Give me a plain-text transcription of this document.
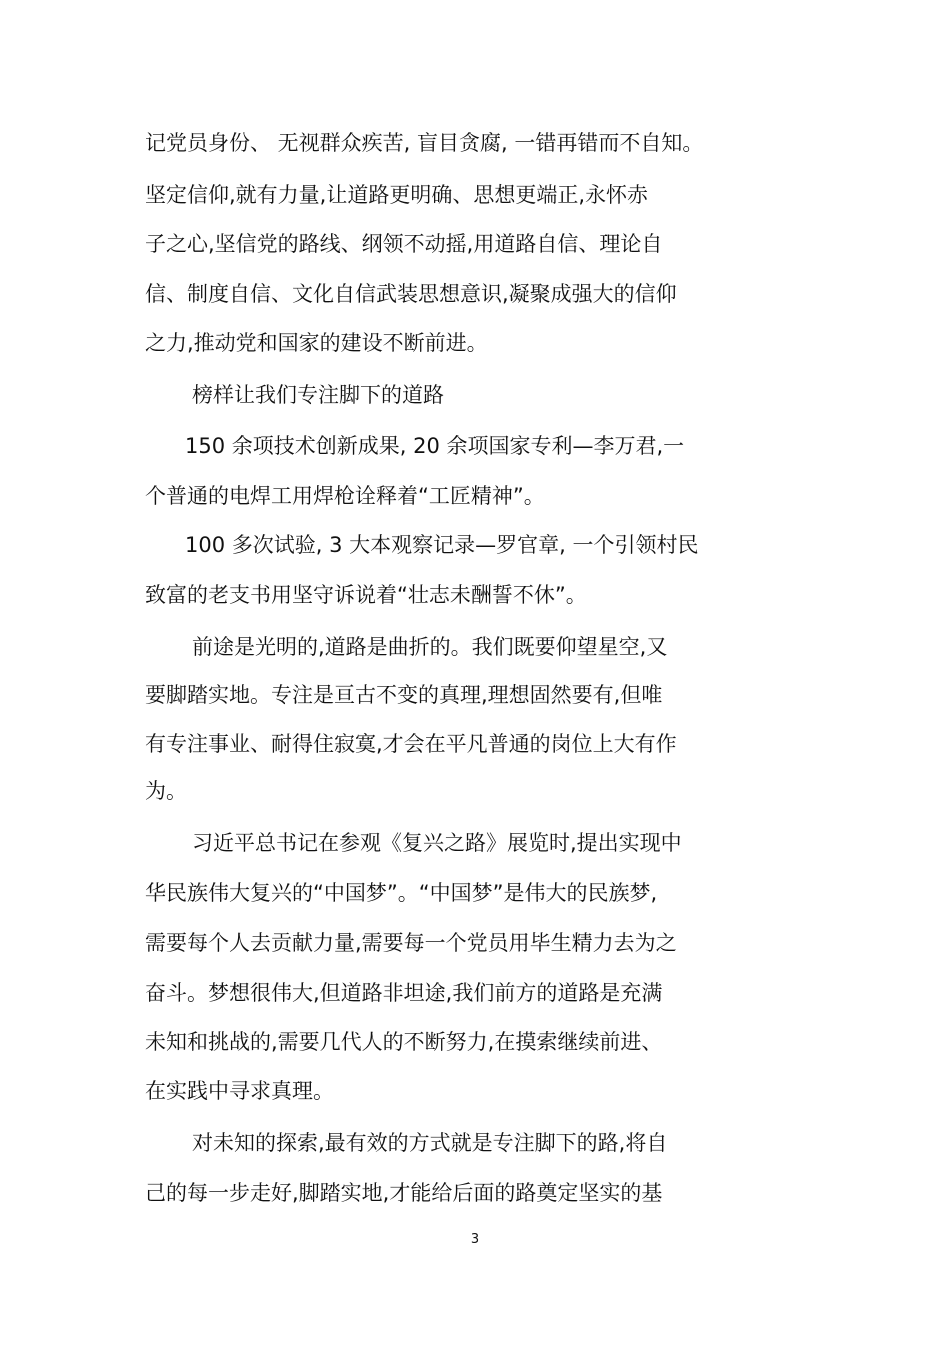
记党员身份、 无视群众疾苦, 盲目贪腐, 一错再错而不自知。

坚定信仰,就有力量,让道路更明确、思想更端正,永怀赤

子之心,坚信党的路线、纲领不动摇,用道路自信、理论自

信、制度自信、文化自信武装思想意识,凝聚成强大的信仰

之力,推动党和国家的建设不断前进。

榜样让我们专注脚下的道路

150 余项技术创新成果, 20 余项国家专利—李万君,一

个普通的电焊工用焊枪诠释着“工匠精神”。

100 多次试验, 3 大本观察记录—罗官章, 一个引领村民

致富的老支书用坚守诉说着“壮志未酬誓不休”。

前途是光明的,道路是曲折的。我们既要仰望星空,又

要脚踏实地。专注是亘古不变的真理,理想固然要有,但唯

有专注事业、耐得住寂寞,才会在平凡普通的岗位上大有作

为。

习近平总书记在参观《复兴之路》展览时,提出实现中

华民族伟大复兴的“中国梦”。“中国梦”是伟大的民族梦,

需要每个人去贡献力量,需要每一个党员用毕生精力去为之

奋斗。梦想很伟大,但道路非坦途,我们前方的道路是充满

未知和挑战的,需要几代人的不断努力,在摸索继续前进、

在实践中寻求真理。

对未知的探索,最有效的方式就是专注脚下的路,将自

己的每一步走好,脚踏实地,才能给后面的路奠定坚实的基

3
